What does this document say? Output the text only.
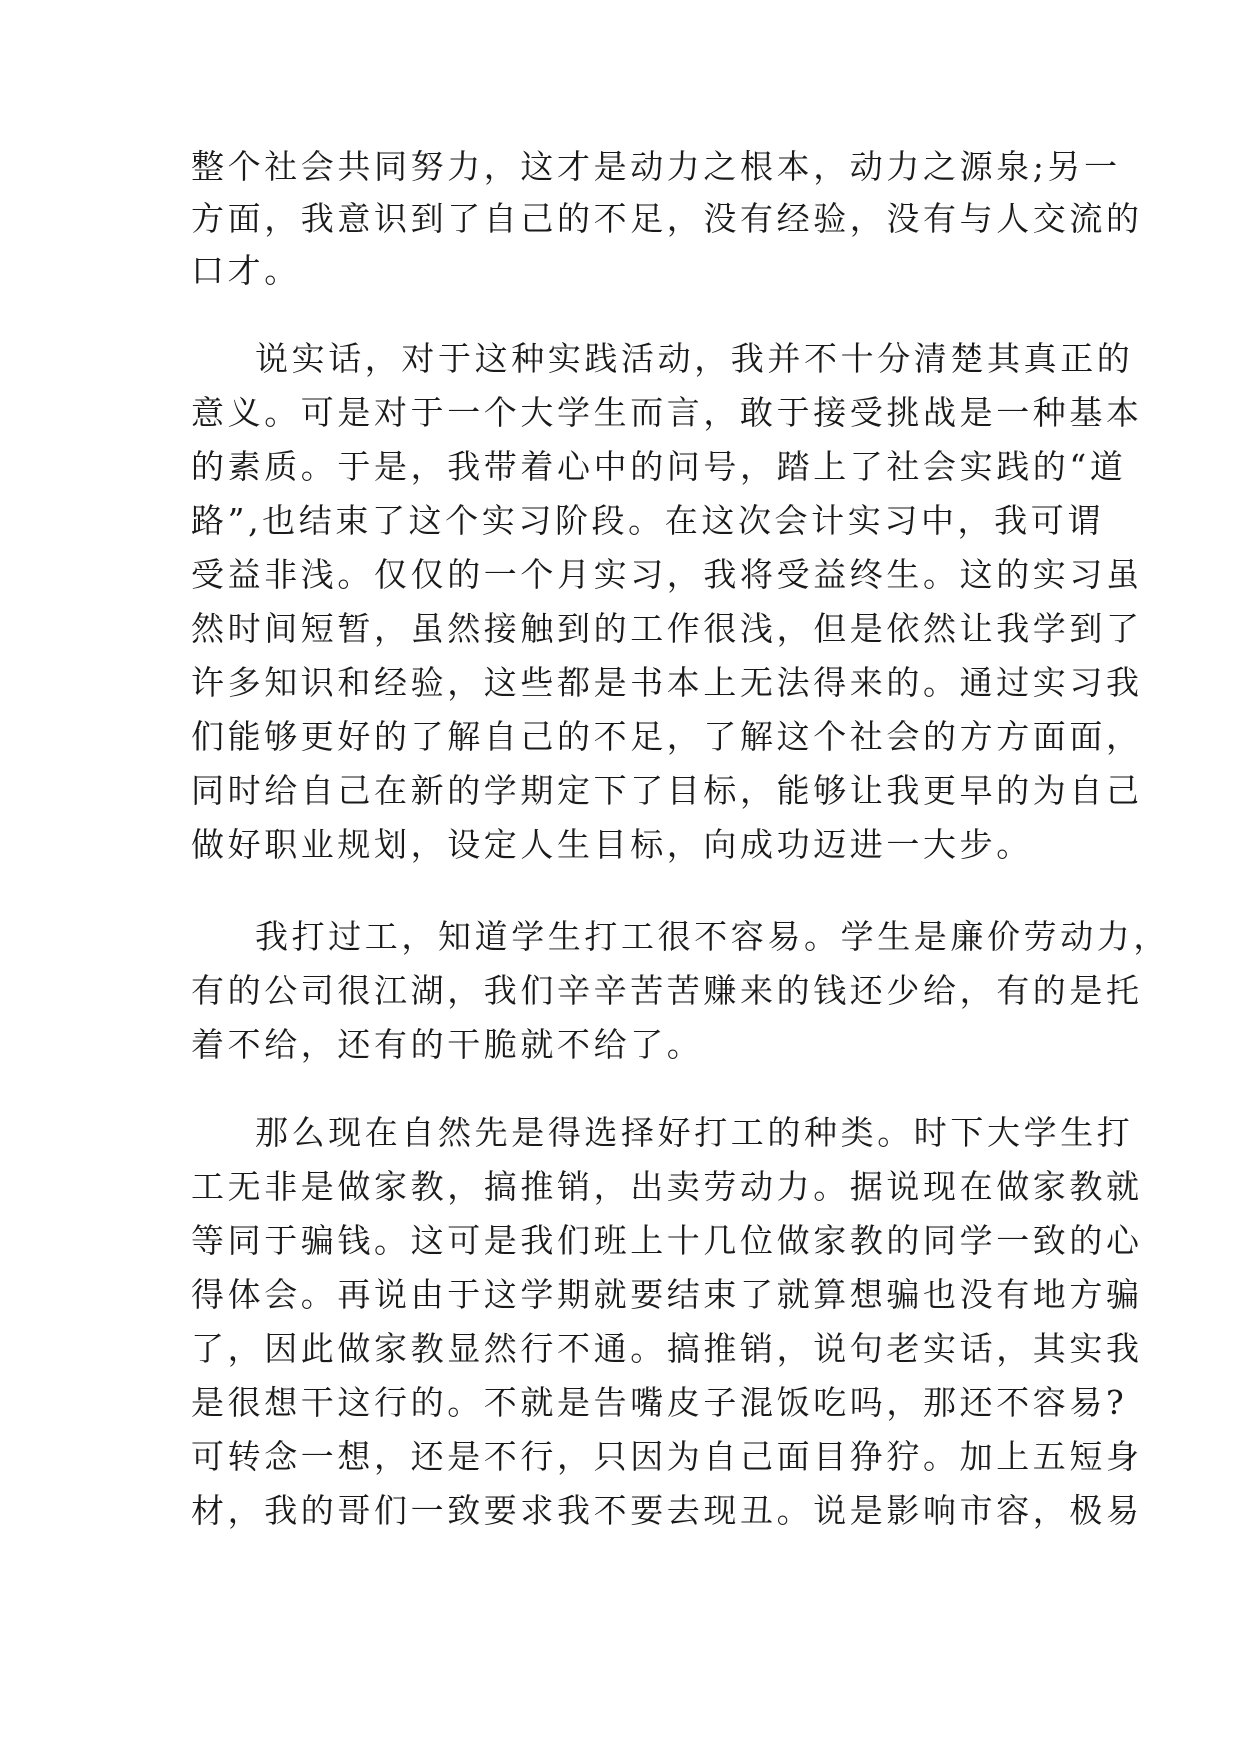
整个社会共同努力，这才是动力之根本，动力之源泉;另一
方面，我意识到了自己的不足，没有经验，没有与人交流的
口才。
说实话，对于这种实践活动，我并不十分清楚其真正的
意义。可是对于一个大学生而言，敢于接受挑战是一种基本
的素质。于是，我带着心中的问号，踏上了社会实践的“道
路”,也结束了这个实习阶段。在这次会计实习中，我可谓
受益非浅。仅仅的一个月实习，我将受益终生。这的实习虽
然时间短暂，虽然接触到的工作很浅，但是依然让我学到了
许多知识和经验，这些都是书本上无法得来的。通过实习我
们能够更好的了解自己的不足，了解这个社会的方方面面，
同时给自己在新的学期定下了目标，能够让我更早的为自己
做好职业规划，设定人生目标，向成功迈进一大步。
我打过工，知道学生打工很不容易。学生是廉价劳动力，
有的公司很江湖，我们辛辛苦苦赚来的钱还少给，有的是托
着不给，还有的干脆就不给了。
那么现在自然先是得选择好打工的种类。时下大学生打
工无非是做家教，搞推销，出卖劳动力。据说现在做家教就
等同于骗钱。这可是我们班上十几位做家教的同学一致的心
得体会。再说由于这学期就要结束了就算想骗也没有地方骗
了，因此做家教显然行不通。搞推销，说句老实话，其实我
是很想干这行的。不就是告嘴皮子混饭吃吗，那还不容易?
可转念一想，还是不行，只因为自己面目狰狞。加上五短身
材，我的哥们一致要求我不要去现丑。说是影响市容，极易
